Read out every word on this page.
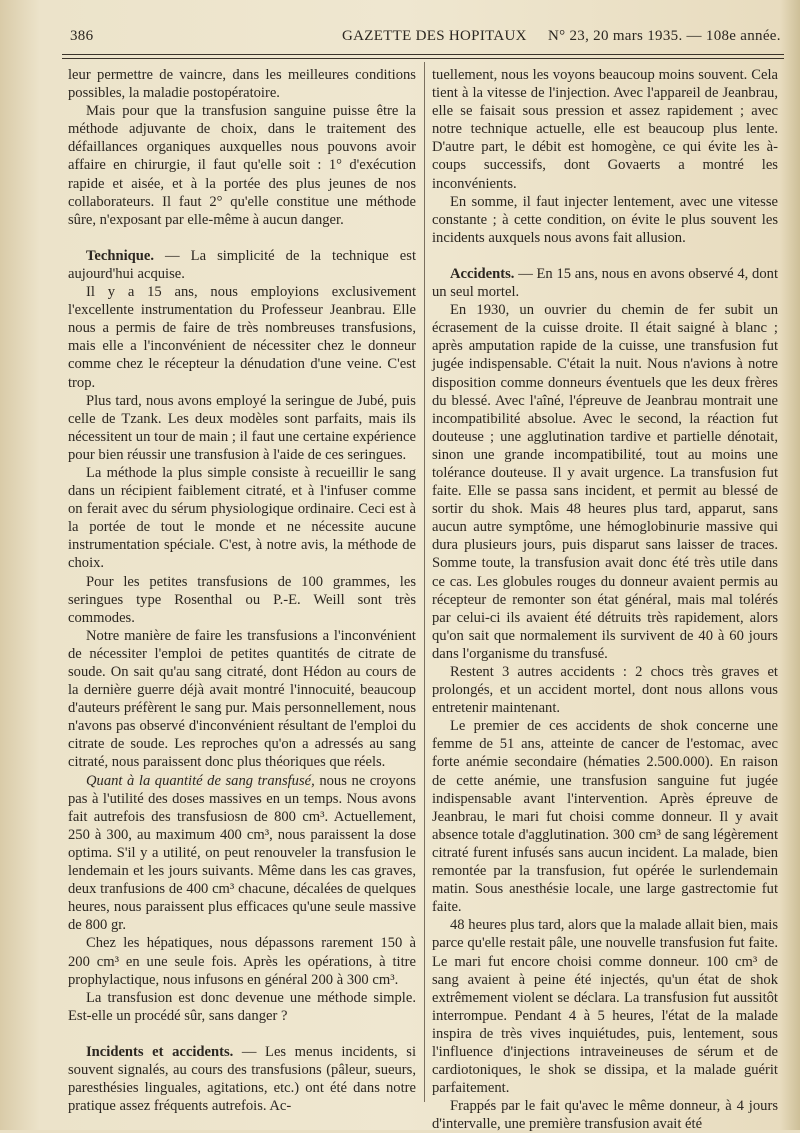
386	GAZETTE DES HOPITAUX N° 23, 20 mars 1935. — 108e année.

leur permettre de vaincre, dans les meilleures conditions possibles, la maladie postopératoire.

Mais pour que la transfusion sanguine puisse être la méthode adjuvante de choix, dans le traitement des défaillances organiques auxquelles nous pouvons avoir affaire en chirurgie, il faut qu'elle soit : 1° d'exécution rapide et aisée, et à la portée des plus jeunes de nos collaborateurs. Il faut 2° qu'elle constitue une méthode sûre, n'exposant par elle-même à aucun danger.

Technique. — La simplicité de la technique est aujourd'hui acquise.

Il y a 15 ans, nous employions exclusivement l'excellente instrumentation du Professeur Jeanbrau. Elle nous a permis de faire de très nombreuses transfusions, mais elle a l'inconvénient de nécessiter chez le donneur comme chez le récepteur la dénudation d'une veine. C'est trop.

Plus tard, nous avons employé la seringue de Jubé, puis celle de Tzank. Les deux modèles sont parfaits, mais ils nécessitent un tour de main ; il faut une certaine expérience pour bien réussir une transfusion à l'aide de ces seringues.

La méthode la plus simple consiste à recueillir le sang dans un récipient faiblement citraté, et à l'infuser comme on ferait avec du sérum physiologique ordinaire. Ceci est à la portée de tout le monde et ne nécessite aucune instrumentation spéciale. C'est, à notre avis, la méthode de choix.

Pour les petites transfusions de 100 grammes, les seringues type Rosenthal ou P.-E. Weill sont très commodes.

Notre manière de faire les transfusions a l'inconvénient de nécessiter l'emploi de petites quantités de citrate de soude. On sait qu'au sang citraté, dont Hédon au cours de la dernière guerre déjà avait montré l'innocuité, beaucoup d'auteurs préfèrent le sang pur. Mais personnellement, nous n'avons pas observé d'inconvénient résultant de l'emploi du citrate de soude. Les reproches qu'on a adressés au sang citraté, nous paraissent donc plus théoriques que réels.

Quant à la quantité de sang transfusé, nous ne croyons pas à l'utilité des doses massives en un temps. Nous avons fait autrefois des transfusiosn de 800 cm³. Actuellement, 250 à 300, au maximum 400 cm³, nous paraissent la dose optima. S'il y a utilité, on peut renouveler la transfusion le lendemain et les jours suivants. Même dans les cas graves, deux tranfusions de 400 cm³ chacune, décalées de quelques heures, nous paraissent plus efficaces qu'une seule massive de 800 gr.

Chez les hépatiques, nous dépassons rarement 150 à 200 cm³ en une seule fois. Après les opérations, à titre prophylactique, nous infusons en général 200 à 300 cm³.

La transfusion est donc devenue une méthode simple. Est-elle un procédé sûr, sans danger ?

Incidents et accidents. — Les menus incidents, si souvent signalés, au cours des transfusions (pâleur, sueurs, paresthésies linguales, agitations, etc.) ont été dans notre pratique assez fréquents autrefois. Ac-

tuellement, nous les voyons beaucoup moins souvent. Cela tient à la vitesse de l'injection. Avec l'appareil de Jeanbrau, elle se faisait sous pression et assez rapidement ; avec notre technique actuelle, elle est beaucoup plus lente. D'autre part, le débit est homogène, ce qui évite les à-coups successifs, dont Govaerts a montré les inconvénients.

En somme, il faut injecter lentement, avec une vitesse constante ; à cette condition, on évite le plus souvent les incidents auxquels nous avons fait allusion.

Accidents. — En 15 ans, nous en avons observé 4, dont un seul mortel.

En 1930, un ouvrier du chemin de fer subit un écrasement de la cuisse droite. Il était saigné à blanc ; après amputation rapide de la cuisse, une transfusion fut jugée indispensable. C'était la nuit. Nous n'avions à notre disposition comme donneurs éventuels que les deux frères du blessé. Avec l'aîné, l'épreuve de Jeanbrau montrait une incompatibilité absolue. Avec le second, la réaction fut douteuse ; une agglutination tardive et partielle dénotait, sinon une grande incompatibilité, tout au moins une tolérance douteuse. Il y avait urgence. La transfusion fut faite. Elle se passa sans incident, et permit au blessé de sortir du shok. Mais 48 heures plus tard, apparut, sans aucun autre symptôme, une hémoglobinurie massive qui dura plusieurs jours, puis disparut sans laisser de traces. Somme toute, la transfusion avait donc été très utile dans ce cas. Les globules rouges du donneur avaient permis au récepteur de remonter son état général, mais mal tolérés par celui-ci ils avaient été détruits très rapidement, alors qu'on sait que normalement ils survivent de 40 à 60 jours dans l'organisme du transfusé.

Restent 3 autres accidents : 2 chocs très graves et prolongés, et un accident mortel, dont nous allons vous entretenir maintenant.

Le premier de ces accidents de shok concerne une femme de 51 ans, atteinte de cancer de l'estomac, avec forte anémie secondaire (hématies 2.500.000). En raison de cette anémie, une transfusion sanguine fut jugée indispensable avant l'intervention. Après épreuve de Jeanbrau, le mari fut choisi comme donneur. Il y avait absence totale d'agglutination. 300 cm³ de sang légèrement citraté furent infusés sans aucun incident. La malade, bien remontée par la transfusion, fut opérée le surlendemain matin. Sous anesthésie locale, une large gastrectomie fut faite.

48 heures plus tard, alors que la malade allait bien, mais parce qu'elle restait pâle, une nouvelle transfusion fut faite. Le mari fut encore choisi comme donneur. 100 cm³ de sang avaient à peine été injectés, qu'un état de shok extrêmement violent se déclara. La transfusion fut aussitôt interrompue. Pendant 4 à 5 heures, l'état de la malade inspira de très vives inquiétudes, puis, lentement, sous l'influence d'injections intraveineuses de sérum et de cardiotoniques, le shok se dissipa, et la malade guérit parfaitement.

Frappés par le fait qu'avec le même donneur, à 4 jours d'intervalle, une première transfusion avait été
